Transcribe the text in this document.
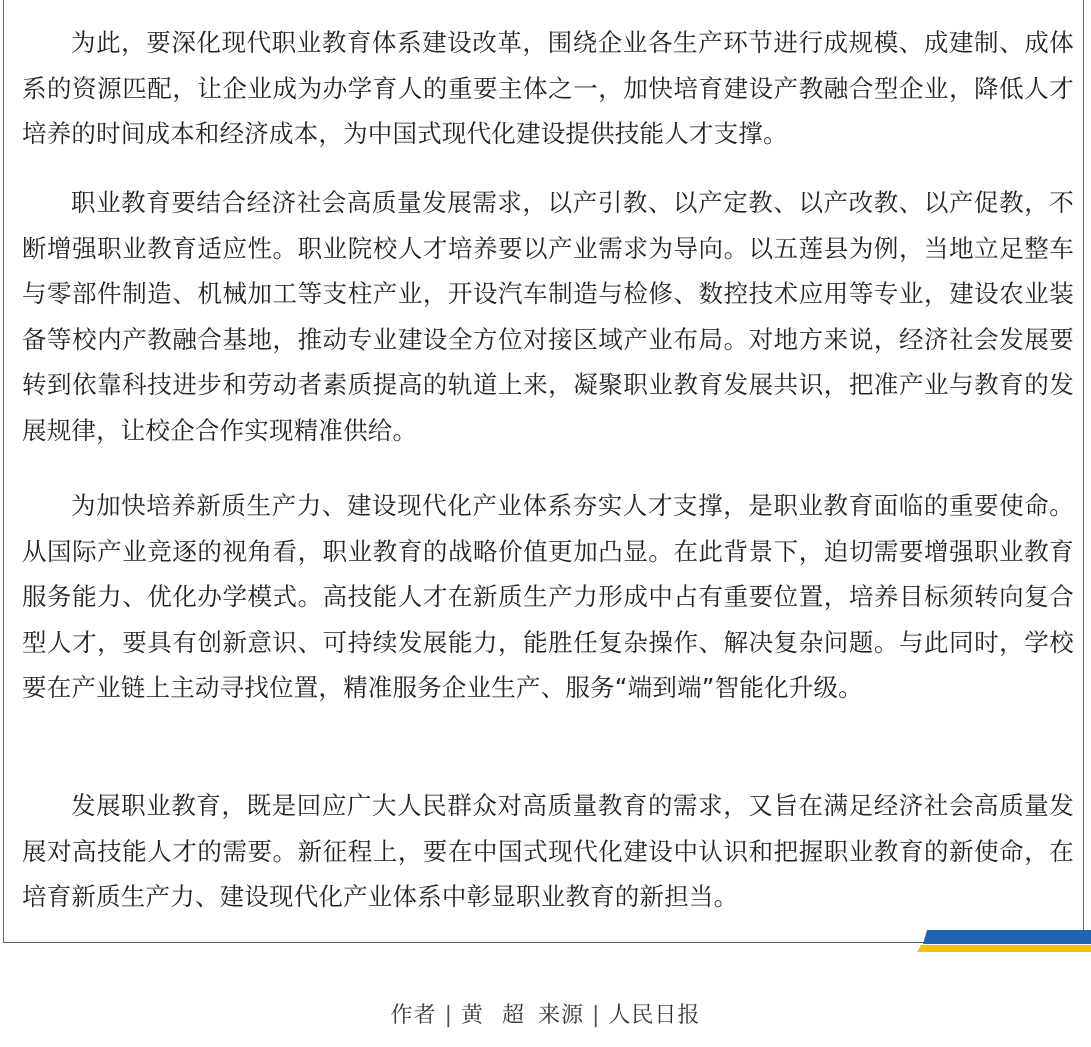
为此，要深化现代职业教育体系建设改革，围绕企业各生产环节进行成规模、成建制、成体系的资源匹配，让企业成为办学育人的重要主体之一，加快培育建设产教融合型企业，降低人才培养的时间成本和经济成本，为中国式现代化建设提供技能人才支撑。

职业教育要结合经济社会高质量发展需求，以产引教、以产定教、以产改教、以产促教，不断增强职业教育适应性。职业院校人才培养要以产业需求为导向。以五莲县为例，当地立足整车与零部件制造、机械加工等支柱产业，开设汽车制造与检修、数控技术应用等专业，建设农业装备等校内产教融合基地，推动专业建设全方位对接区域产业布局。对地方来说，经济社会发展要转到依靠科技进步和劳动者素质提高的轨道上来，凝聚职业教育发展共识，把准产业与教育的发展规律，让校企合作实现精准供给。

为加快培养新质生产力、建设现代化产业体系夯实人才支撑，是职业教育面临的重要使命。从国际产业竞逐的视角看，职业教育的战略价值更加凸显。在此背景下，迫切需要增强职业教育服务能力、优化办学模式。高技能人才在新质生产力形成中占有重要位置，培养目标须转向复合型人才，要具有创新意识、可持续发展能力，能胜任复杂操作、解决复杂问题。与此同时，学校要在产业链上主动寻找位置，精准服务企业生产、服务“端到端”智能化升级。

发展职业教育，既是回应广大人民群众对高质量教育的需求，又旨在满足经济社会高质量发展对高技能人才的需要。新征程上，要在中国式现代化建设中认识和把握职业教育的新使命，在培育新质生产力、建设现代化产业体系中彰显职业教育的新担当。

作者 | 黄 超 来源 | 人民日报
